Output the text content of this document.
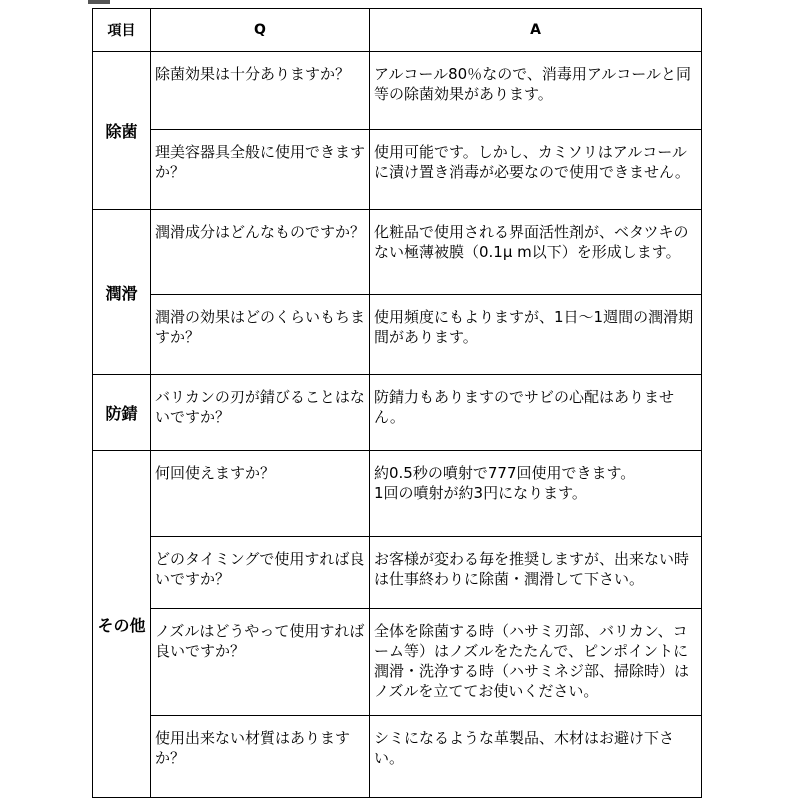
項目	Q	A
除菌	除菌効果は十分ありますか？	アルコール80％なので、消毒用アルコールと同等の除菌効果があります。
	理美容器具全般に使用できますか？	使用可能です。しかし、カミソリはアルコールに漬け置き消毒が必要なので使用できません。
潤滑	潤滑成分はどんなものですか？	化粧品で使用される界面活性剤が、ベタツキのない極薄被膜（0.1μ m以下）を形成します。
	潤滑の効果はどのくらいもちますか？	使用頻度にもよりますが、1日～1週間の潤滑期間があります。
防錆	バリカンの刃が錆びることはないですか？	防錆力もありますのでサビの心配はありません。
その他	何回使えますか？	約0.5秒の噴射で777回使用できます。
1回の噴射が約3円になります。

	どのタイミングで使用すれば良いですか？	お客様が変わる毎を推奨しますが、出来ない時は仕事終わりに除菌・潤滑して下さい。
	ノズルはどうやって使用すれば良いですか？	全体を除菌する時（ハサミ刃部、バリカン、コーム等）はノズルをたたんで、ピンポイントに潤滑・洗浄する時（ハサミネジ部、掃除時）はノズルを立ててお使いください。
	使用出来ない材質はありますか？	シミになるような革製品、木材はお避け下さい。
